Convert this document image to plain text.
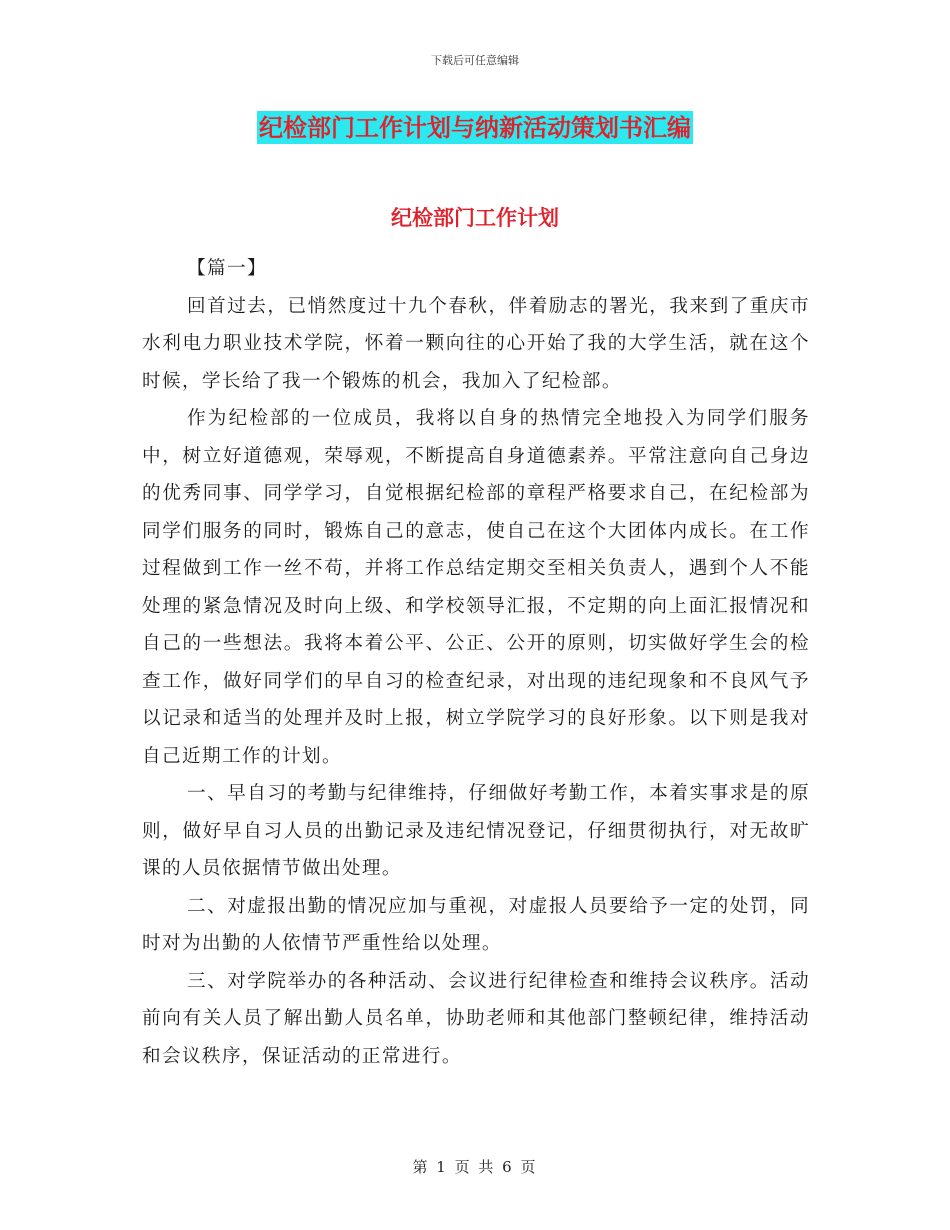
下载后可任意编辑
纪检部门工作计划与纳新活动策划书汇编
纪检部门工作计划

【篇一】

回首过去，已悄然度过十九个春秋，伴着励志的署光，我来到了重庆市水利电力职业技术学院，怀着一颗向往的心开始了我的大学生活，就在这个时候，学长给了我一个锻炼的机会，我加入了纪检部。

作为纪检部的一位成员，我将以自身的热情完全地投入为同学们服务中，树立好道德观，荣辱观，不断提高自身道德素养。平常注意向自己身边的优秀同事、同学学习，自觉根据纪检部的章程严格要求自己，在纪检部为同学们服务的同时，锻炼自己的意志，使自己在这个大团体内成长。在工作过程做到工作一丝不苟，并将工作总结定期交至相关负责人，遇到个人不能处理的紧急情况及时向上级、和学校领导汇报，不定期的向上面汇报情况和自己的一些想法。我将本着公平、公正、公开的原则，切实做好学生会的检查工作，做好同学们的早自习的检查纪录，对出现的违纪现象和不良风气予以记录和适当的处理并及时上报，树立学院学习的良好形象。以下则是我对自己近期工作的计划。

一、早自习的考勤与纪律维持，仔细做好考勤工作，本着实事求是的原则，做好早自习人员的出勤记录及违纪情况登记，仔细贯彻执行，对无故旷课的人员依据情节做出处理。

二、对虚报出勤的情况应加与重视，对虚报人员要给予一定的处罚，同时对为出勤的人依情节严重性给以处理。

三、对学院举办的各种活动、会议进行纪律检查和维持会议秩序。活动前向有关人员了解出勤人员名单，协助老师和其他部门整顿纪律，维持活动和会议秩序，保证活动的正常进行。

第 1 页 共 6 页
